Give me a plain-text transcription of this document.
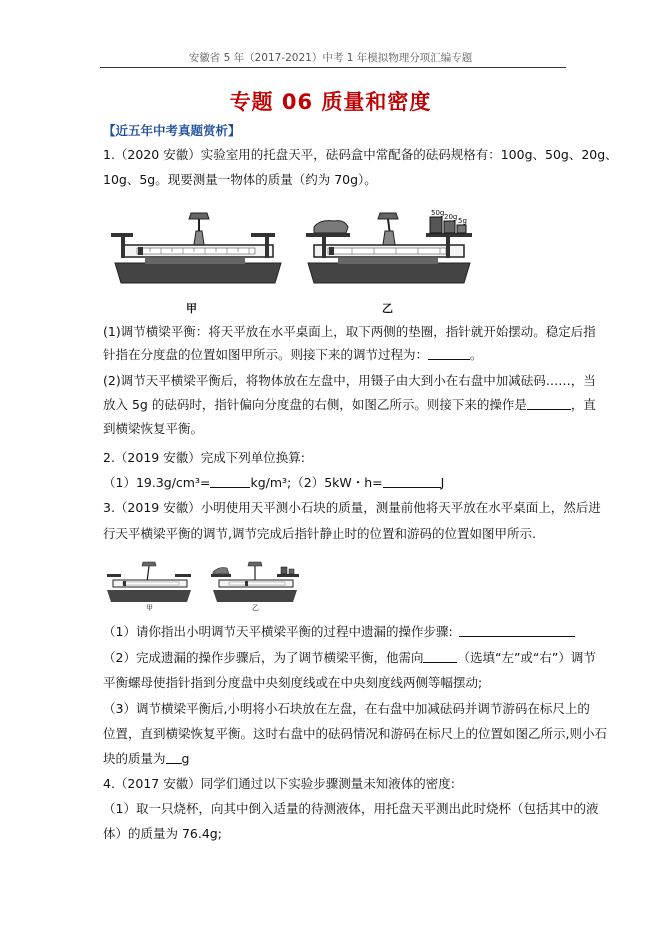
安徽省 5 年（2017-2021）中考 1 年模拟物理分项汇编专题
专题 06 质量和密度
【近五年中考真题赏析】
1.（2020 安徽）实验室用的托盘天平，砝码盒中常配备的砝码规格有：100g、50g、20g、
10g、5g。现要测量一物体的质量（约为 70g）。
甲
50g 20g 5g
乙
(1)调节横梁平衡：将天平放在水平桌面上，取下两侧的垫圈，指针就开始摆动。稳定后指
针指在分度盘的位置如图甲所示。则接下来的调节过程为：	。
(2)调节天平横梁平衡后，将物体放在左盘中，用镊子由大到小在右盘中加减砝码……，当
放入 5g 的砝码时，指针偏向分度盘的右侧，如图乙所示。则接下来的操作是	，直
到横梁恢复平衡。
2.（2019 安徽）完成下列单位换算:
（1）19.3g/cm³=	kg/m³;（2）5kW・h=	J
3.（2019 安徽）小明使用天平测小石块的质量，测量前他将天平放在水平桌面上，然后进
行天平横梁平衡的调节,调节完成后指针静止时的位置和游码的位置如图甲所示.
甲	乙
（1）请你指出小明调节天平横梁平衡的过程中遗漏的操作步骤:
（2）完成遗漏的操作步骤后，为了调节横梁平衡，他需向	（选填“左”或“右”）调节
平衡螺母使指针指到分度盘中央刻度线或在中央刻度线两侧等幅摆动;
（3）调节横梁平衡后,小明将小石块放在左盘，在右盘中加减砝码并调节游码在标尺上的
位置，直到横梁恢复平衡。这时右盘中的砝码情况和游码在标尺上的位置如图乙所示,则小石
块的质量为 g
4.（2017 安徽）同学们通过以下实验步骤测量未知液体的密度:
（1）取一只烧杯，向其中倒入适量的待测液体，用托盘天平测出此时烧杯（包括其中的液
体）的质量为 76.4g;
